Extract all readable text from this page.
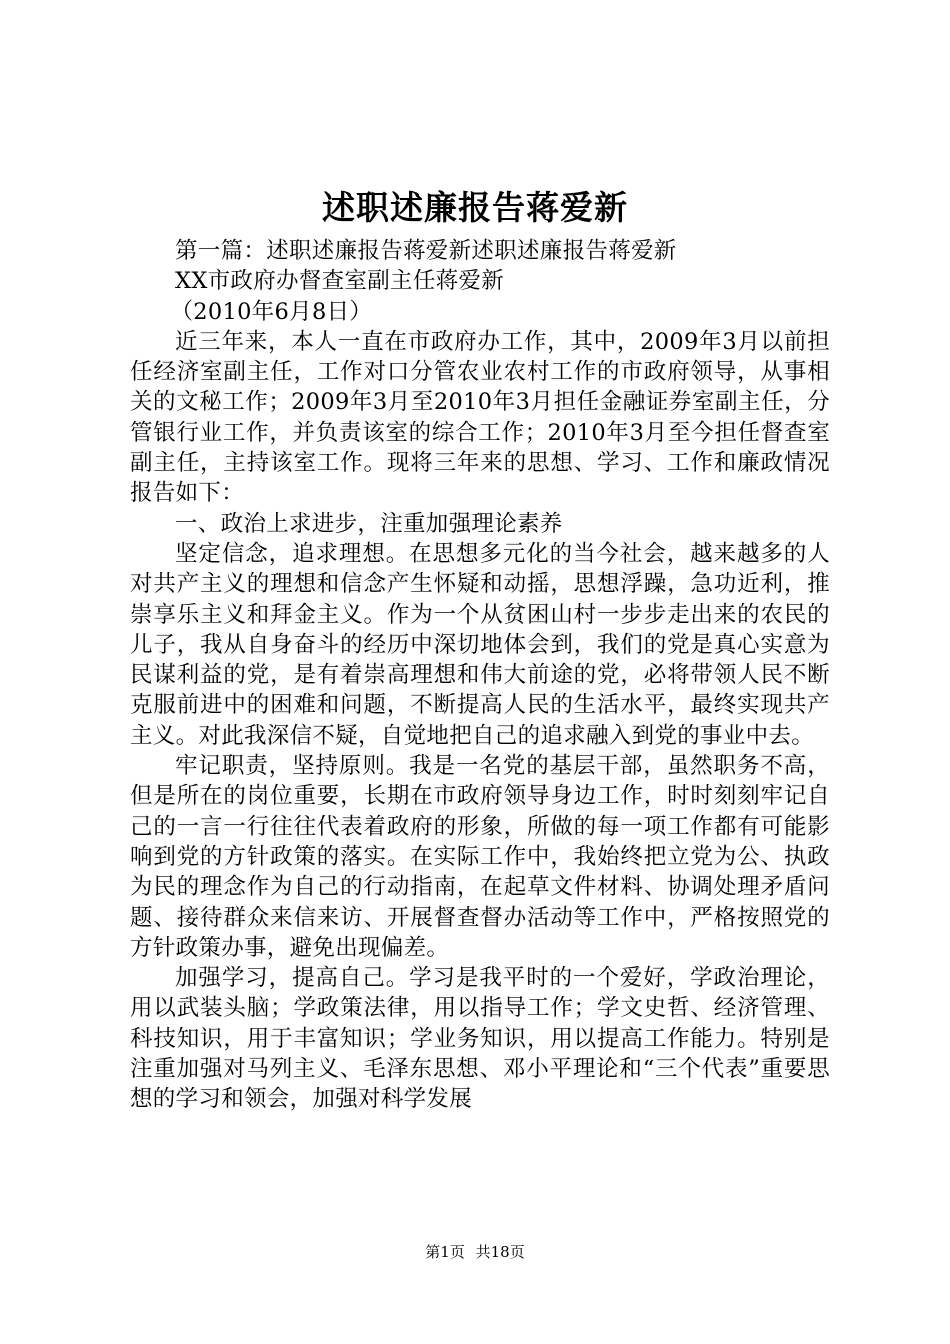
述职述廉报告蒋爱新

第一篇：述职述廉报告蒋爱新述职述廉报告蒋爱新

XX市政府办督查室副主任蒋爱新

（2010年6月8日）

近三年来，本人一直在市政府办工作，其中，2009年3月以前担任经济室副主任，工作对口分管农业农村工作的市政府领导，从事相关的文秘工作；2009年3月至2010年3月担任金融证券室副主任，分管银行业工作，并负责该室的综合工作；2010年3月至今担任督查室副主任，主持该室工作。现将三年来的思想、学习、工作和廉政情况报告如下：

一、政治上求进步，注重加强理论素养

坚定信念，追求理想。在思想多元化的当今社会，越来越多的人对共产主义的理想和信念产生怀疑和动摇，思想浮躁，急功近利，推崇享乐主义和拜金主义。作为一个从贫困山村一步步走出来的农民的儿子，我从自身奋斗的经历中深切地体会到，我们的党是真心实意为民谋利益的党，是有着崇高理想和伟大前途的党，必将带领人民不断克服前进中的困难和问题，不断提高人民的生活水平，最终实现共产主义。对此我深信不疑，自觉地把自己的追求融入到党的事业中去。

牢记职责，坚持原则。我是一名党的基层干部，虽然职务不高，但是所在的岗位重要，长期在市政府领导身边工作，时时刻刻牢记自己的一言一行往往代表着政府的形象，所做的每一项工作都有可能影响到党的方针政策的落实。在实际工作中，我始终把立党为公、执政为民的理念作为自己的行动指南，在起草文件材料、协调处理矛盾问题、接待群众来信来访、开展督查督办活动等工作中，严格按照党的方针政策办事，避免出现偏差。

加强学习，提高自己。学习是我平时的一个爱好，学政治理论，用以武装头脑；学政策法律，用以指导工作；学文史哲、经济管理、科技知识，用于丰富知识；学业务知识，用以提高工作能力。特别是注重加强对马列主义、毛泽东思想、邓小平理论和“三个代表”重要思想的学习和领会，加强对科学发展

第1页 共18页
